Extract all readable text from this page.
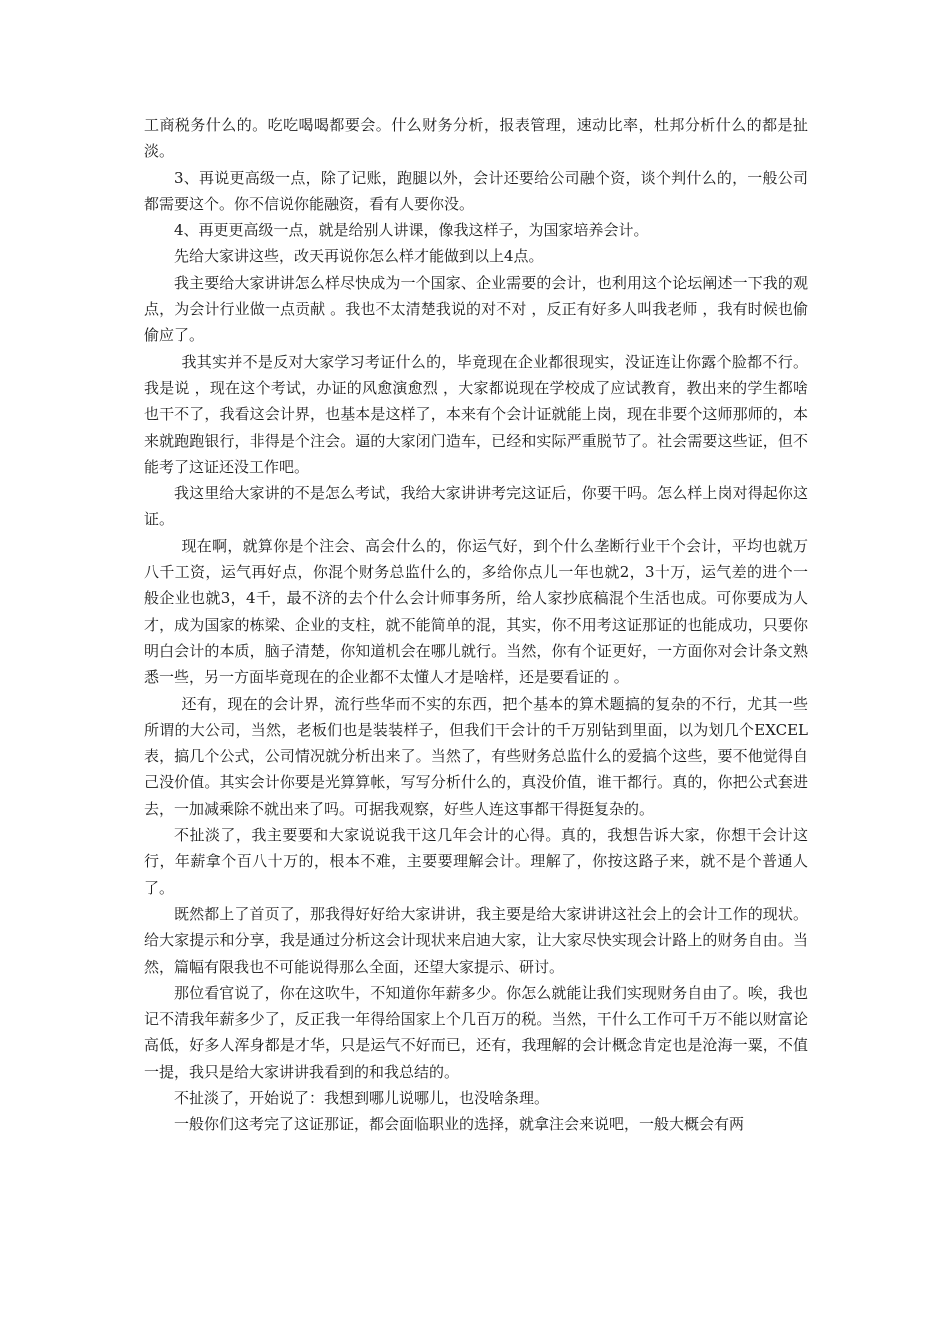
工商税务什么的。吃吃喝喝都要会。什么财务分析，报表管理，速动比率，杜邦分析什么的都是扯淡。

3、再说更高级一点，除了记账，跑腿以外，会计还要给公司融个资，谈个判什么的，一般公司都需要这个。你不信说你能融资，看有人要你没。

4、再更更高级一点，就是给别人讲课，像我这样子，为国家培养会计。

先给大家讲这些，改天再说你怎么样才能做到以上4点。

我主要给大家讲讲怎么样尽快成为一个国家、企业需要的会计，也利用这个论坛阐述一下我的观点，为会计行业做一点贡献 。我也不太清楚我说的对不对 ，反正有好多人叫我老师 ，我有时候也偷偷应了。

我其实并不是反对大家学习考证什么的，毕竟现在企业都很现实，没证连让你露个脸都不行。我是说 ，现在这个考试，办证的风愈演愈烈 ，大家都说现在学校成了应试教育，教出来的学生都啥也干不了，我看这会计界，也基本是这样了，本来有个会计证就能上岗，现在非要个这师那师的，本来就跑跑银行，非得是个注会。逼的大家闭门造车，已经和实际严重脱节了。社会需要这些证，但不能考了这证还没工作吧。

我这里给大家讲的不是怎么考试，我给大家讲讲考完这证后，你要干吗。怎么样上岗对得起你这证。

现在啊，就算你是个注会、高会什么的，你运气好，到个什么垄断行业干个会计，平均也就万八千工资，运气再好点，你混个财务总监什么的，多给你点儿一年也就2，3十万，运气差的进个一般企业也就3，4千，最不济的去个什么会计师事务所，给人家抄底稿混个生活也成。可你要成为人才，成为国家的栋梁、企业的支柱，就不能简单的混，其实，你不用考这证那证的也能成功，只要你明白会计的本质，脑子清楚，你知道机会在哪儿就行。当然，你有个证更好，一方面你对会计条文熟悉一些，另一方面毕竟现在的企业都不太懂人才是啥样，还是要看证的 。

还有，现在的会计界，流行些华而不实的东西，把个基本的算术题搞的复杂的不行，尤其一些所谓的大公司，当然，老板们也是装装样子，但我们干会计的千万别钻到里面，以为划几个EXCEL表，搞几个公式，公司情况就分析出来了。当然了，有些财务总监什么的爱搞个这些，要不他觉得自己没价值。其实会计你要是光算算帐，写写分析什么的，真没价值，谁干都行。真的，你把公式套进去，一加减乘除不就出来了吗。可据我观察，好些人连这事都干得挺复杂的。

不扯淡了，我主要要和大家说说我干这几年会计的心得。真的，我想告诉大家，你想干会计这行，年薪拿个百八十万的，根本不难，主要要理解会计。理解了，你按这路子来，就不是个普通人了。

既然都上了首页了，那我得好好给大家讲讲，我主要是给大家讲讲这社会上的会计工作的现状。给大家提示和分享，我是通过分析这会计现状来启迪大家，让大家尽快实现会计路上的财务自由。当然，篇幅有限我也不可能说得那么全面，还望大家提示、研讨。

那位看官说了，你在这吹牛，不知道你年薪多少。你怎么就能让我们实现财务自由了。唉，我也记不清我年薪多少了，反正我一年得给国家上个几百万的税。当然，干什么工作可千万不能以财富论高低，好多人浑身都是才华，只是运气不好而已，还有，我理解的会计概念肯定也是沧海一粟，不值一提，我只是给大家讲讲我看到的和我总结的。

不扯淡了，开始说了：我想到哪儿说哪儿，也没啥条理。

一般你们这考完了这证那证，都会面临职业的选择，就拿注会来说吧，一般大概会有两
